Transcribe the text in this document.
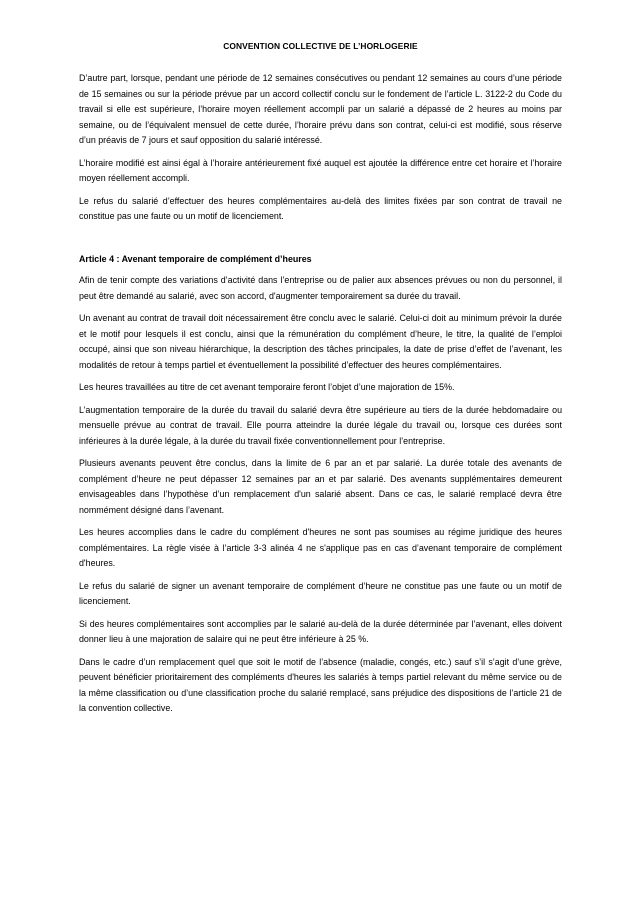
CONVENTION COLLECTIVE DE L’HORLOGERIE

D’autre part, lorsque, pendant une période de 12 semaines consécutives ou pendant 12 semaines au cours d’une période de 15 semaines ou sur la période prévue par un accord collectif conclu sur le fondement de l’article L. 3122-2 du Code du travail si elle est supérieure, l’horaire moyen réellement accompli par un salarié a dépassé de 2 heures au moins par semaine, ou de l’équivalent mensuel de cette durée, l’horaire prévu dans son contrat, celui-ci est modifié, sous réserve d’un préavis de 7 jours et sauf opposition du salarié intéressé.

L’horaire modifié est ainsi égal à l’horaire antérieurement fixé auquel est ajoutée la différence entre cet horaire et l’horaire moyen réellement accompli.

Le refus du salarié d’effectuer des heures complémentaires au-delà des limites fixées par son contrat de travail ne constitue pas une faute ou un motif de licenciement.

Article 4 : Avenant temporaire de complément d’heures

Afin de tenir compte des variations d’activité dans l’entreprise ou de palier aux absences prévues ou non du personnel, il peut être demandé au salarié, avec son accord, d'augmenter temporairement sa durée du travail.

Un avenant au contrat de travail doit nécessairement être conclu avec le salarié. Celui-ci doit au minimum prévoir la durée et le motif pour lesquels il est conclu, ainsi que la rémunération du complément d’heure, le titre, la qualité de l’emploi occupé, ainsi que son niveau hiérarchique, la description des tâches principales, la date de prise d’effet de l’avenant, les modalités de retour à temps partiel et éventuellement la possibilité d’effectuer des heures complémentaires.

Les heures travaillées au titre de cet avenant temporaire feront l’objet d’une majoration de 15%.

L’augmentation temporaire de la durée du travail du salarié devra être supérieure au tiers de la durée hebdomadaire ou mensuelle prévue au contrat de travail. Elle pourra atteindre la durée légale du travail ou, lorsque ces durées sont inférieures à la durée légale, à la durée du travail fixée conventionnellement pour l’entreprise.

Plusieurs avenants peuvent être conclus, dans la limite de 6 par an et par salarié. La durée totale des avenants de complément d’heure ne peut dépasser 12 semaines par an et par salarié. Des avenants supplémentaires demeurent envisageables dans l’hypothèse d’un remplacement d'un salarié absent. Dans ce cas, le salarié remplacé devra être nommément désigné dans l’avenant.

Les heures accomplies dans le cadre du complément d'heures ne sont pas soumises au régime juridique des heures complémentaires. La règle visée à l’article 3-3 alinéa 4 ne s'applique pas en cas d’avenant temporaire de complément d'heures.

Le refus du salarié de signer un avenant temporaire de complément d’heure ne constitue pas une faute ou un motif de licenciement.

Si des heures complémentaires sont accomplies par le salarié au-delà de la durée déterminée par l’avenant, elles doivent donner lieu à une majoration de salaire qui ne peut être inférieure à 25 %.

Dans le cadre d’un remplacement quel que soit le motif de l’absence (maladie, congés, etc.) sauf s’il s’agit d’une grève, peuvent bénéficier prioritairement des compléments d'heures les salariés à temps partiel relevant du même service ou de la même classification ou d’une classification proche du salarié remplacé, sans préjudice des dispositions de l’article 21 de la convention collective.
